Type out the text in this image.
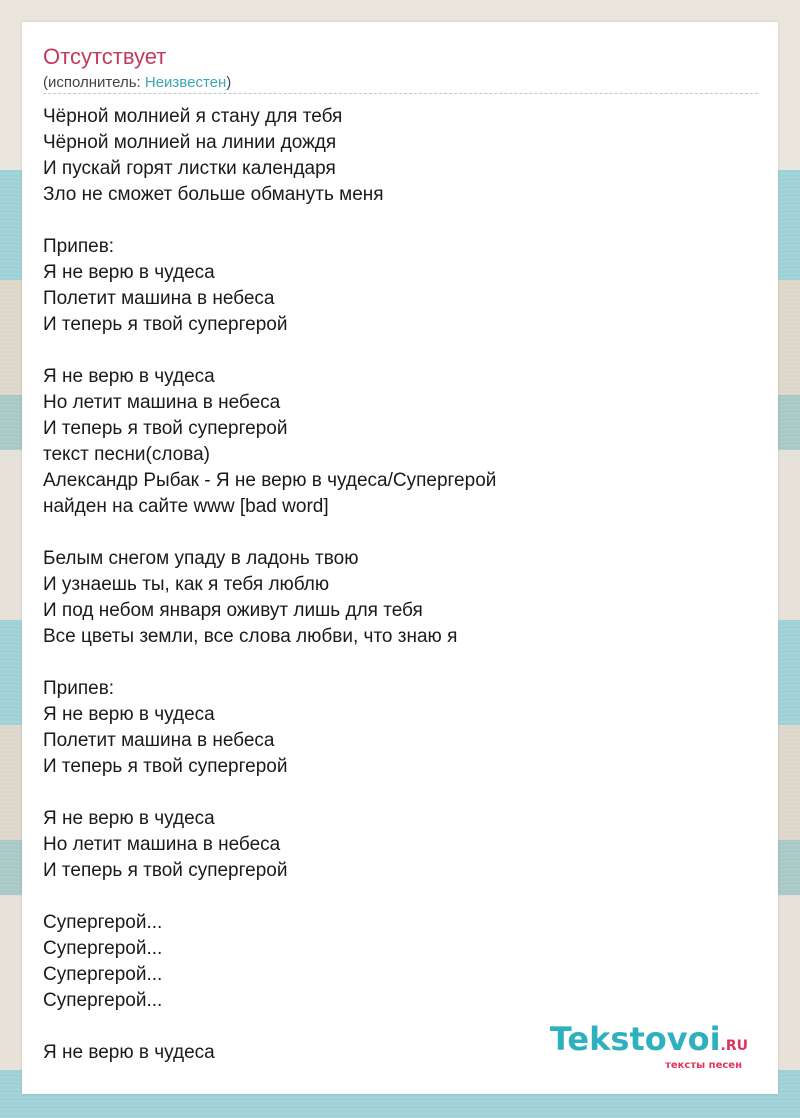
Отсутствует
(исполнитель: Неизвестен)
Чёрной молнией я стану для тебя
Чёрной молнией на линии дождя
И пускай горят листки календаря
Зло не сможет больше обмануть меня
Припев:
Я не верю в чудеса
Полетит машина в небеса
И теперь я твой супергерой
Я не верю в чудеса
Но летит машина в небеса
И теперь я твой супергерой
текст песни(слова)
Александр Рыбак - Я не верю в чудеса/Супергерой
найден на сайте www [bad word]
Белым снегом упаду в ладонь твою
И узнаешь ты, как я тебя люблю
И под небом января оживут лишь для тебя
Все цветы земли, все слова любви, что знаю я
Припев:
Я не верю в чудеса
Полетит машина в небеса
И теперь я твой супергерой
Я не верю в чудеса
Но летит машина в небеса
И теперь я твой супергерой
Супергерой...
Супергерой...
Супергерой...
Супергерой...
Я не верю в чудеса	Tekstovoi.RU
тексты песен
